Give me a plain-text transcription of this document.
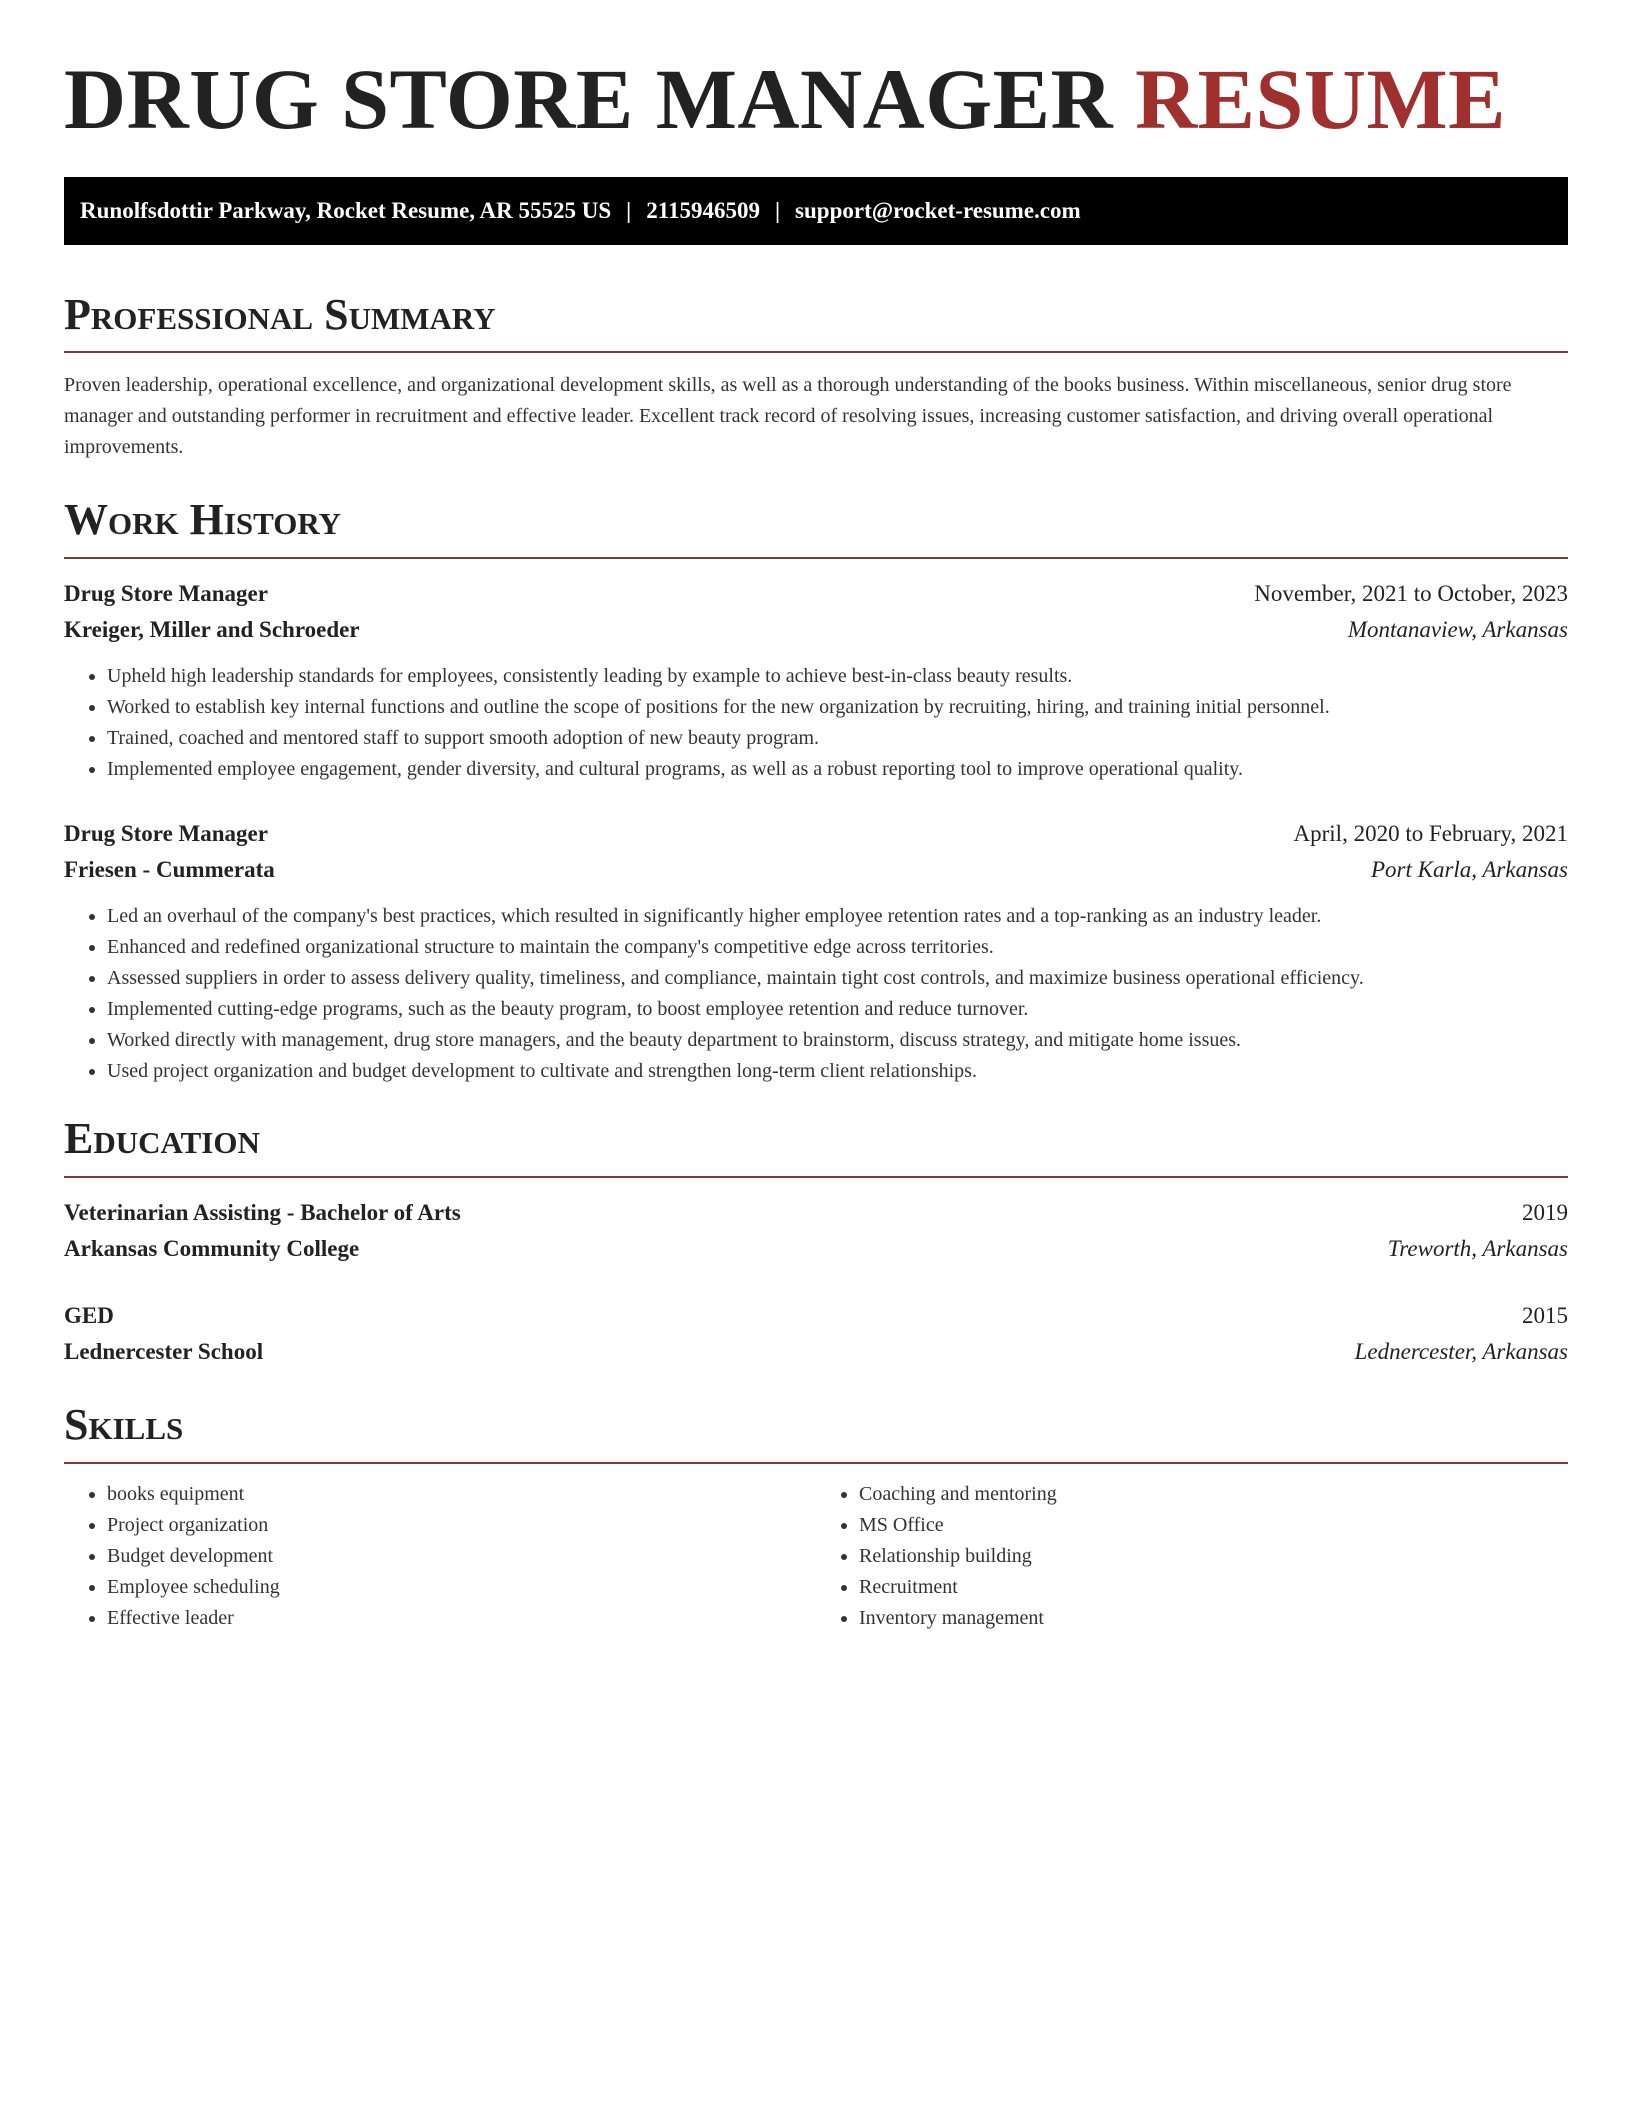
DRUG STORE MANAGER RESUME
Runolfsdottir Parkway, Rocket Resume, AR 55525 US | 2115946509 | support@rocket-resume.com
Professional Summary

Proven leadership, operational excellence, and organizational development skills, as well as a thorough understanding of the books business. Within miscellaneous, senior drug store manager and outstanding performer in recruitment and effective leader. Excellent track record of resolving issues, increasing customer satisfaction, and driving overall operational improvements.

Work History
Drug Store Manager	November, 2021 to October, 2023
Kreiger, Miller and Schroeder	Montanaview, Arkansas
• Upheld high leadership standards for employees, consistently leading by example to achieve best-in-class beauty results.
• Worked to establish key internal functions and outline the scope of positions for the new organization by recruiting, hiring, and training initial personnel.
• Trained, coached and mentored staff to support smooth adoption of new beauty program.
• Implemented employee engagement, gender diversity, and cultural programs, as well as a robust reporting tool to improve operational quality.
Drug Store Manager	April, 2020 to February, 2021
Friesen - Cummerata	Port Karla, Arkansas
• Led an overhaul of the company's best practices, which resulted in significantly higher employee retention rates and a top-ranking as an industry leader.
• Enhanced and redefined organizational structure to maintain the company's competitive edge across territories.
• Assessed suppliers in order to assess delivery quality, timeliness, and compliance, maintain tight cost controls, and maximize business operational efficiency.
• Implemented cutting-edge programs, such as the beauty program, to boost employee retention and reduce turnover.
• Worked directly with management, drug store managers, and the beauty department to brainstorm, discuss strategy, and mitigate home issues.
• Used project organization and budget development to cultivate and strengthen long-term client relationships.
Education
Veterinarian Assisting - Bachelor of Arts	2019
Arkansas Community College	Treworth, Arkansas
GED	2015
Lednercester School	Lednercester, Arkansas
Skills
• books equipment
• Project organization
• Budget development
• Employee scheduling
• Effective leader
• Coaching and mentoring
• MS Office
• Relationship building
• Recruitment
• Inventory management
